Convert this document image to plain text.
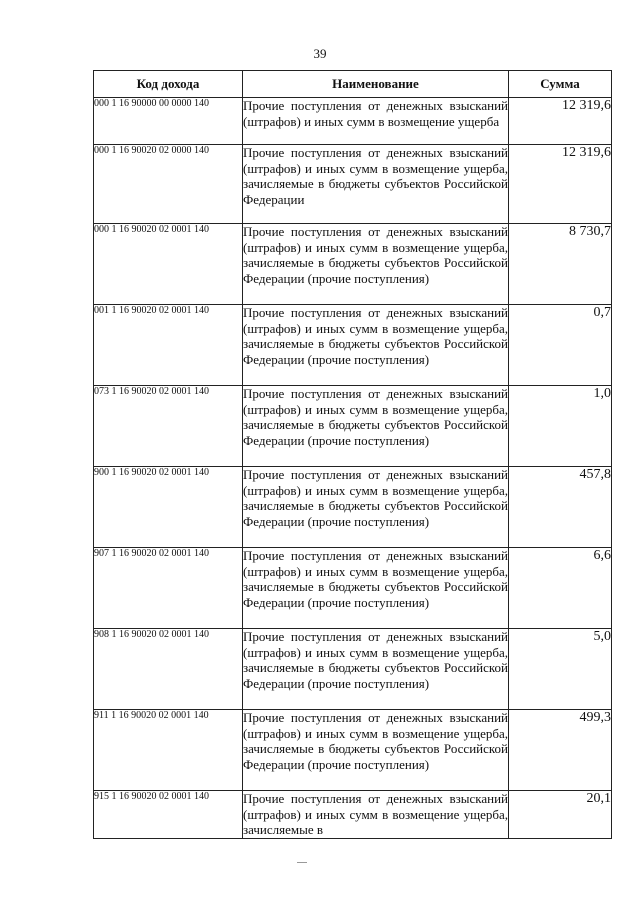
39
Код дохода	Наименование	Сумма
000 1 16 90000 00 0000 140	Прочие поступления от денежных взысканий (штрафов) и иных сумм в возмещение ущерба	12 319,6
000 1 16 90020 02 0000 140	Прочие поступления от денежных взысканий (штрафов) и иных сумм в возмещение ущерба, зачисляемые в бюджеты субъектов Российской Федерации	12 319,6
000 1 16 90020 02 0001 140	Прочие поступления от денежных взысканий (штрафов) и иных сумм в возмещение ущерба, зачисляемые в бюджеты субъектов Российской Федерации (прочие поступления)	8 730,7
001 1 16 90020 02 0001 140	Прочие поступления от денежных взысканий (штрафов) и иных сумм в возмещение ущерба, зачисляемые в бюджеты субъектов Российской Федерации (прочие поступления)	0,7
073 1 16 90020 02 0001 140	Прочие поступления от денежных взысканий (штрафов) и иных сумм в возмещение ущерба, зачисляемые в бюджеты субъектов Российской Федерации (прочие поступления)	1,0
900 1 16 90020 02 0001 140	Прочие поступления от денежных взысканий (штрафов) и иных сумм в возмещение ущерба, зачисляемые в бюджеты субъектов Российской Федерации (прочие поступления)	457,8
907 1 16 90020 02 0001 140	Прочие поступления от денежных взысканий (штрафов) и иных сумм в возмещение ущерба, зачисляемые в бюджеты субъектов Российской Федерации (прочие поступления)	6,6
908 1 16 90020 02 0001 140	Прочие поступления от денежных взысканий (штрафов) и иных сумм в возмещение ущерба, зачисляемые в бюджеты субъектов Российской Федерации (прочие поступления)	5,0
911 1 16 90020 02 0001 140	Прочие поступления от денежных взысканий (штрафов) и иных сумм в возмещение ущерба, зачисляемые в бюджеты субъектов Российской Федерации (прочие поступления)	499,3
915 1 16 90020 02 0001 140	Прочие поступления от денежных взысканий (штрафов) и иных сумм в возмещение ущерба, зачисляемые в	20,1
